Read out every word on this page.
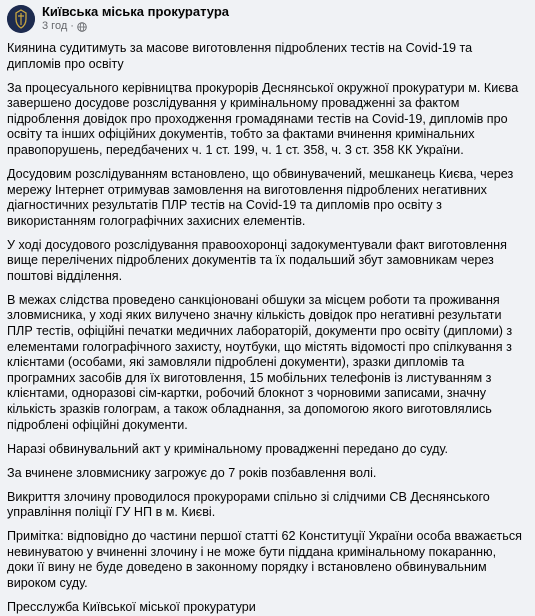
Київська міська прокуратура
3 год ·

Киянина судитимуть за масове виготовлення підроблених тестів на Covid-19 та дипломів про освіту

За процесуального керівництва прокурорів Деснянської окружної прокуратури м. Києва завершено досудове розслідування у кримінальному провадженні за фактом підроблення довідок про проходження громадянами тестів на Covid-19, дипломів про освіту та інших офіційних документів, тобто за фактами вчинення кримінальних правопорушень, передбачених ч. 1 ст. 199, ч. 1 ст. 358, ч. 3 ст. 358 КК України.

Досудовим розслідуванням встановлено, що обвинувачений, мешканець Києва, через мережу Інтернет отримував замовлення на виготовлення підроблених негативних діагностичних результатів ПЛР тестів на Covid-19 та дипломів про освіту з використанням голографічних захисних елементів.

У ході досудового розслідування правоохоронці задокументували факт виготовлення вище перелічених підроблених документів та їх подальший збут замовникам через поштові відділення.

В межах слідства проведено санкціоновані обшуки за місцем роботи та проживання зловмисника, у ході яких вилучено значну кількість довідок про негативні результати ПЛР тестів, офіційні печатки медичних лабораторій, документи про освіту (дипломи) з елементами голографічного захисту, ноутбуки, що містять відомості про спілкування з клієнтами (особами, які замовляли підроблені документи), зразки дипломів та програмних засобів для їх виготовлення, 15 мобільних телефонів із листуванням з клієнтами, одноразові сім-картки, робочий блокнот з чорновими записами, значну кількість зразків голограм, а також обладнання, за допомогою якого виготовлялись підроблені офіційні документи.

Наразі обвинувальний акт у кримінальному провадженні передано до суду.

За вчинене зловмиснику загрожує до 7 років позбавлення волі.

Викриття злочину проводилося прокурорами спільно зі слідчими СВ Деснянського управління поліції ГУ НП в м. Києві.

Примітка: відповідно до частини першої статті 62 Конституції України особа вважається невинуватою у вчиненні злочину і не може бути піддана кримінальному покаранню, доки її вину не буде доведено в законному порядку і встановлено обвинувальним вироком суду.

Пресслужба Київської міської прокуратури
